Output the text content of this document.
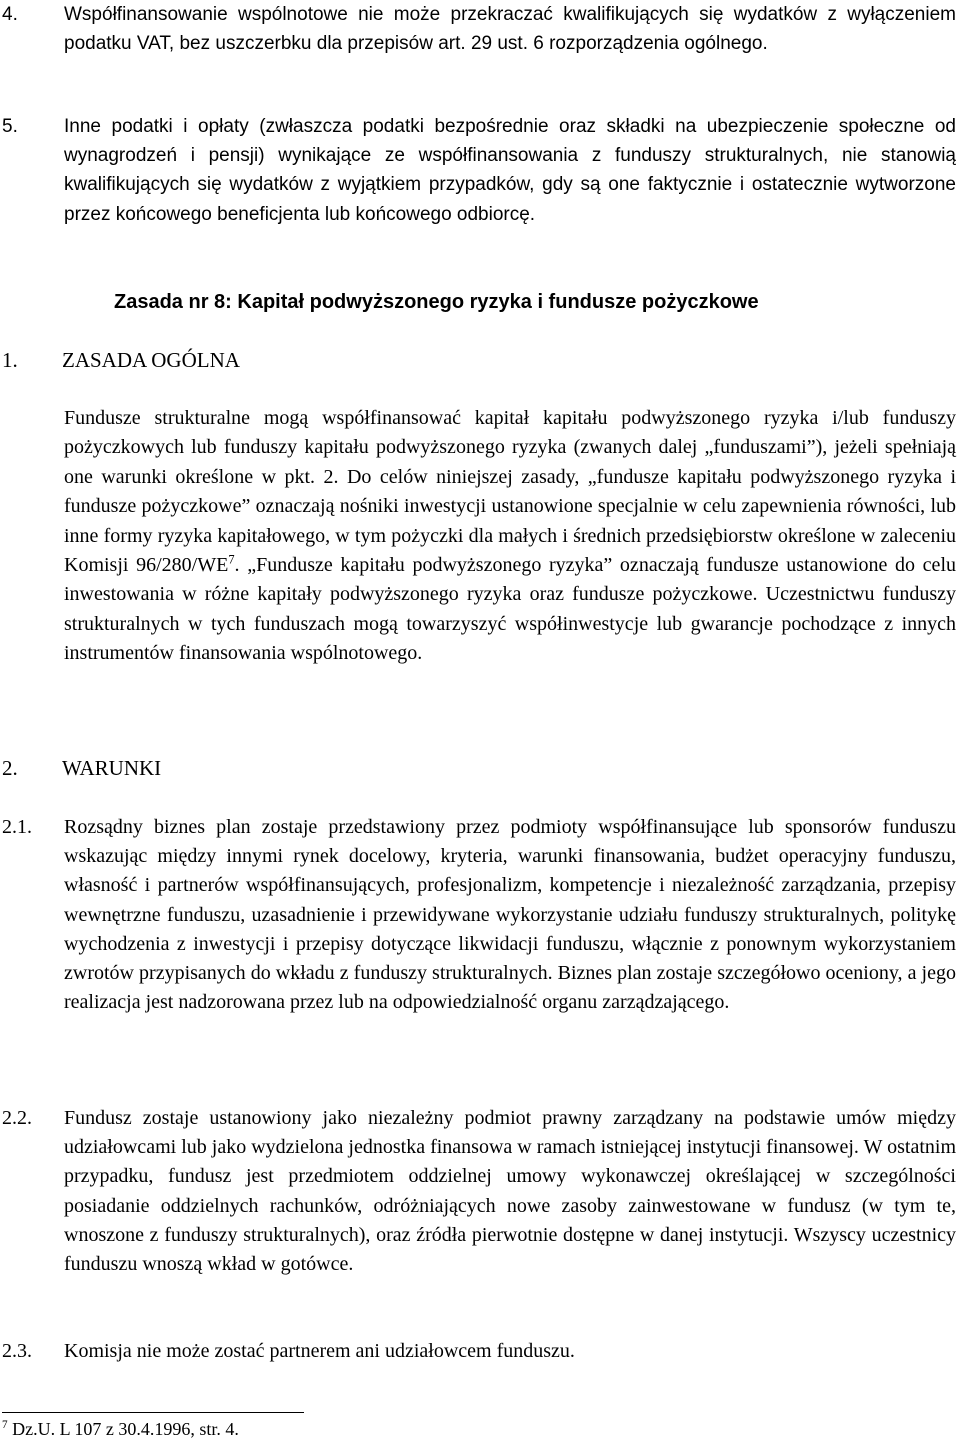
4. Współfinansowanie wspólnotowe nie może przekraczać kwalifikujących się wydatków z wyłączeniem podatku VAT, bez uszczerbku dla przepisów art. 29 ust. 6 rozporządzenia ogólnego.
5. Inne podatki i opłaty (zwłaszcza podatki bezpośrednie oraz składki na ubezpieczenie społeczne od wynagrodzeń i pensji) wynikające ze współfinansowania z funduszy strukturalnych, nie stanowią kwalifikujących się wydatków z wyjątkiem przypadków, gdy są one faktycznie i ostatecznie wytworzone przez końcowego beneficjenta lub końcowego odbiorcę.
Zasada nr 8: Kapitał podwyższonego ryzyka i fundusze pożyczkowe
1. ZASADA OGÓLNA
Fundusze strukturalne mogą współfinansować kapitał kapitału podwyższonego ryzyka i/lub funduszy pożyczkowych lub funduszy kapitału podwyższonego ryzyka (zwanych dalej „funduszami”), jeżeli spełniają one warunki określone w pkt. 2. Do celów niniejszej zasady, „fundusze kapitału podwyższonego ryzyka i fundusze pożyczkowe” oznaczają nośniki inwestycji ustanowione specjalnie w celu zapewnienia równości, lub inne formy ryzyka kapitałowego, w tym pożyczki dla małych i średnich przedsiębiorstw określone w zaleceniu Komisji $96/280/WE^7$. „Fundusze kapitału podwyższonego ryzyka” oznaczają fundusze ustanowione do celu inwestowania w różne kapitały podwyższonego ryzyka oraz fundusze pożyczkowe. Uczestnictwu funduszy strukturalnych w tych funduszach mogą towarzyszyć współinwestycje lub gwarancje pochodzące z innych instrumentów finansowania wspólnotowego.
2. WARUNKI
2.1. Rozsądny biznes plan zostaje przedstawiony przez podmioty współfinansujące lub sponsorów funduszu wskazując między innymi rynek docelowy, kryteria, warunki finansowania, budżet operacyjny funduszu, własność i partnerów współfinansujących, profesjonalizm, kompetencje i niezależność zarządzania, przepisy wewnętrzne funduszu, uzasadnienie i przewidywane wykorzystanie udziału funduszy strukturalnych, politykę wychodzenia z inwestycji i przepisy dotyczące likwidacji funduszu, włącznie z ponownym wykorzystaniem zwrotów przypisanych do wkładu z funduszy strukturalnych. Biznes plan zostaje szczegółowo oceniony, a jego realizacja jest nadzorowana przez lub na odpowiedzialność organu zarządzającego.
2.2. Fundusz zostaje ustanowiony jako niezależny podmiot prawny zarządzany na podstawie umów między udziałowcami lub jako wydzielona jednostka finansowa w ramach istniejącej instytucji finansowej. W ostatnim przypadku, fundusz jest przedmiotem oddzielnej umowy wykonawczej określającej w szczególności posiadanie oddzielnych rachunków, odróżniających nowe zasoby zainwestowane w fundusz (w tym te, wnoszone z funduszy strukturalnych), oraz źródła pierwotnie dostępne w danej instytucji. Wszyscy uczestnicy funduszu wnoszą wkład w gotówce.
2.3. Komisja nie może zostać partnerem ani udziałowcem funduszu.
$^7$ Dz.U. L 107 z 30.4.1996, str. 4.
